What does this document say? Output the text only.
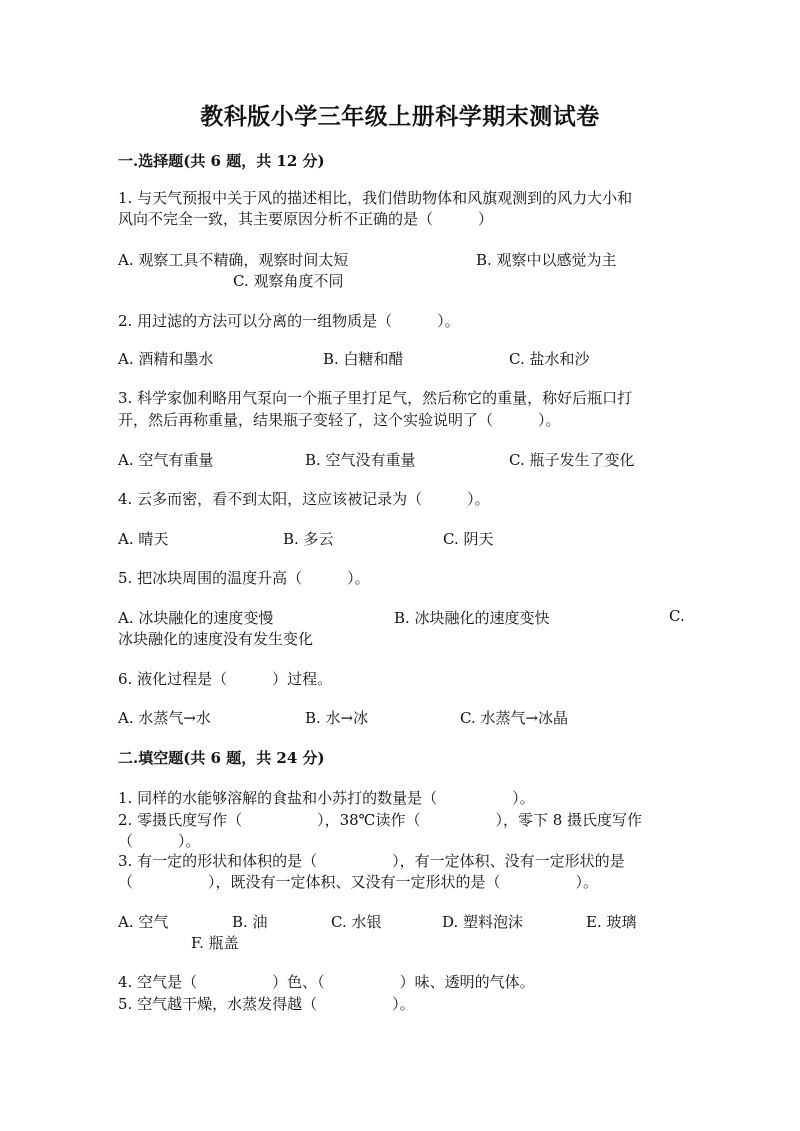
教科版小学三年级上册科学期末测试卷
一.选择题(共 6 题，共 12 分)
1. 与天气预报中关于风的描述相比，我们借助物体和风旗观测到的风力大小和
风向不完全一致，其主要原因分析不正确的是（　　　）
A. 观察工具不精确，观察时间太短	B. 观察中以感觉为主
C. 观察角度不同
2. 用过滤的方法可以分离的一组物质是（　　　）。
A. 酒精和墨水	B. 白糖和醋	C. 盐水和沙
3. 科学家伽利略用气泵向一个瓶子里打足气，然后称它的重量，称好后瓶口打
开，然后再称重量，结果瓶子变轻了，这个实验说明了（　　　）。
A. 空气有重量	B. 空气没有重量	C. 瓶子发生了变化
4. 云多而密，看不到太阳，这应该被记录为（　　　）。
A. 晴天	B. 多云	C. 阴天
5. 把冰块周围的温度升高（　　　）。
A. 冰块融化的速度变慢	B. 冰块融化的速度变快	C.
冰块融化的速度没有发生变化
6. 液化过程是（　　　）过程。
A. 水蒸气→水	B. 水→冰	C. 水蒸气→冰晶
二.填空题(共 6 题，共 24 分)
1. 同样的水能够溶解的食盐和小苏打的数量是（　　　　　）。
2. 零摄氏度写作（　　　　　），38℃读作（　　　　　），零下 8 摄氏度写作
（　　　）。
3. 有一定的形状和体积的是（　　　　　），有一定体积、没有一定形状的是
（　　　　　），既没有一定体积、又没有一定形状的是（　　　　　）。
A. 空气	B. 油	C. 水银	D. 塑料泡沫	E. 玻璃
F. 瓶盖
4. 空气是（　　　　　）色、（　　　　　）味、透明的气体。
5. 空气越干燥，水蒸发得越（　　　　　）。
